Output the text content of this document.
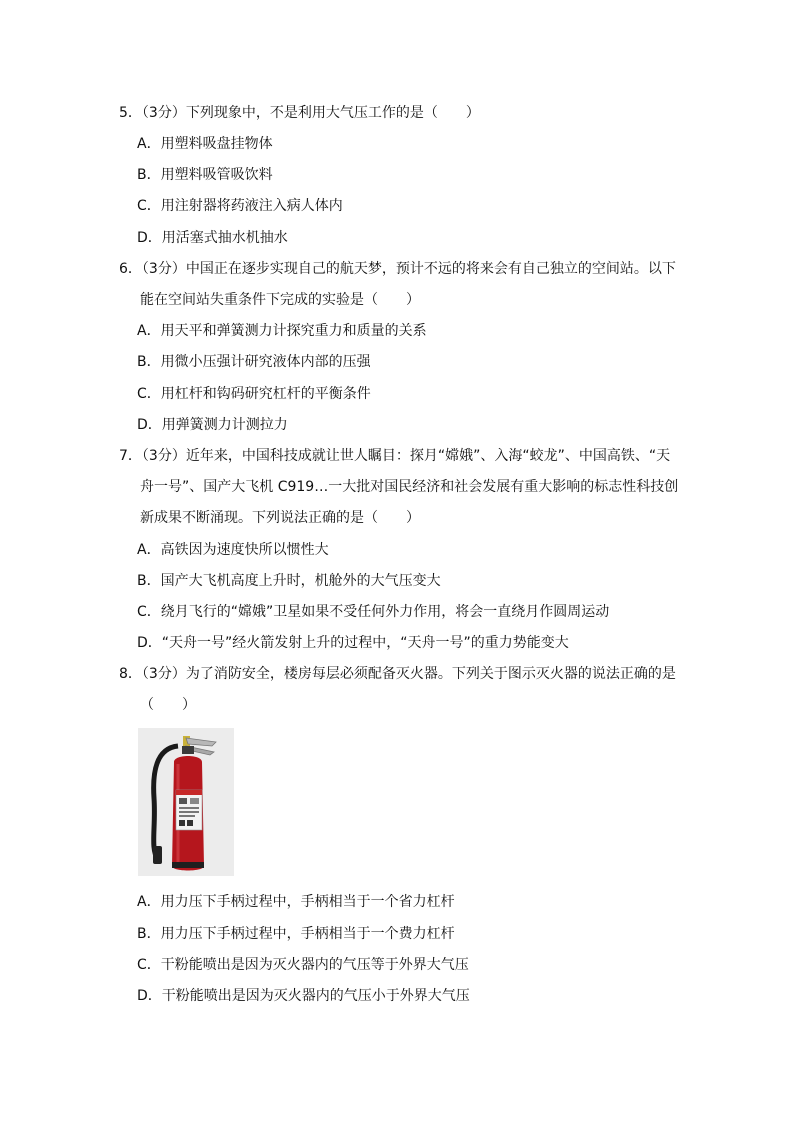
5．（3分）下列现象中，不是利用大气压工作的是（　　）
A．用塑料吸盘挂物体
B．用塑料吸管吸饮料
C．用注射器将药液注入病人体内
D．用活塞式抽水机抽水
6．（3分）中国正在逐步实现自己的航天梦，预计不远的将来会有自己独立的空间站。以下
能在空间站失重条件下完成的实验是（　　）
A．用天平和弹簧测力计探究重力和质量的关系
B．用微小压强计研究液体内部的压强
C．用杠杆和钩码研究杠杆的平衡条件
D．用弹簧测力计测拉力
7．（3分）近年来，中国科技成就让世人瞩目：探月“嫦娥”、入海“蛟龙”、中国高铁、“天
舟一号”、国产大飞机 C919…一大批对国民经济和社会发展有重大影响的标志性科技创
新成果不断涌现。下列说法正确的是（　　）
A．高铁因为速度快所以惯性大
B．国产大飞机高度上升时，机舱外的大气压变大
C．绕月飞行的“嫦娥”卫星如果不受任何外力作用，将会一直绕月作圆周运动
D．“天舟一号”经火箭发射上升的过程中，“天舟一号”的重力势能变大
8．（3分）为了消防安全，楼房每层必须配备灭火器。下列关于图示灭火器的说法正确的是
（　　）
A．用力压下手柄过程中，手柄相当于一个省力杠杆
B．用力压下手柄过程中，手柄相当于一个费力杠杆
C．干粉能喷出是因为灭火器内的气压等于外界大气压
D．干粉能喷出是因为灭火器内的气压小于外界大气压
